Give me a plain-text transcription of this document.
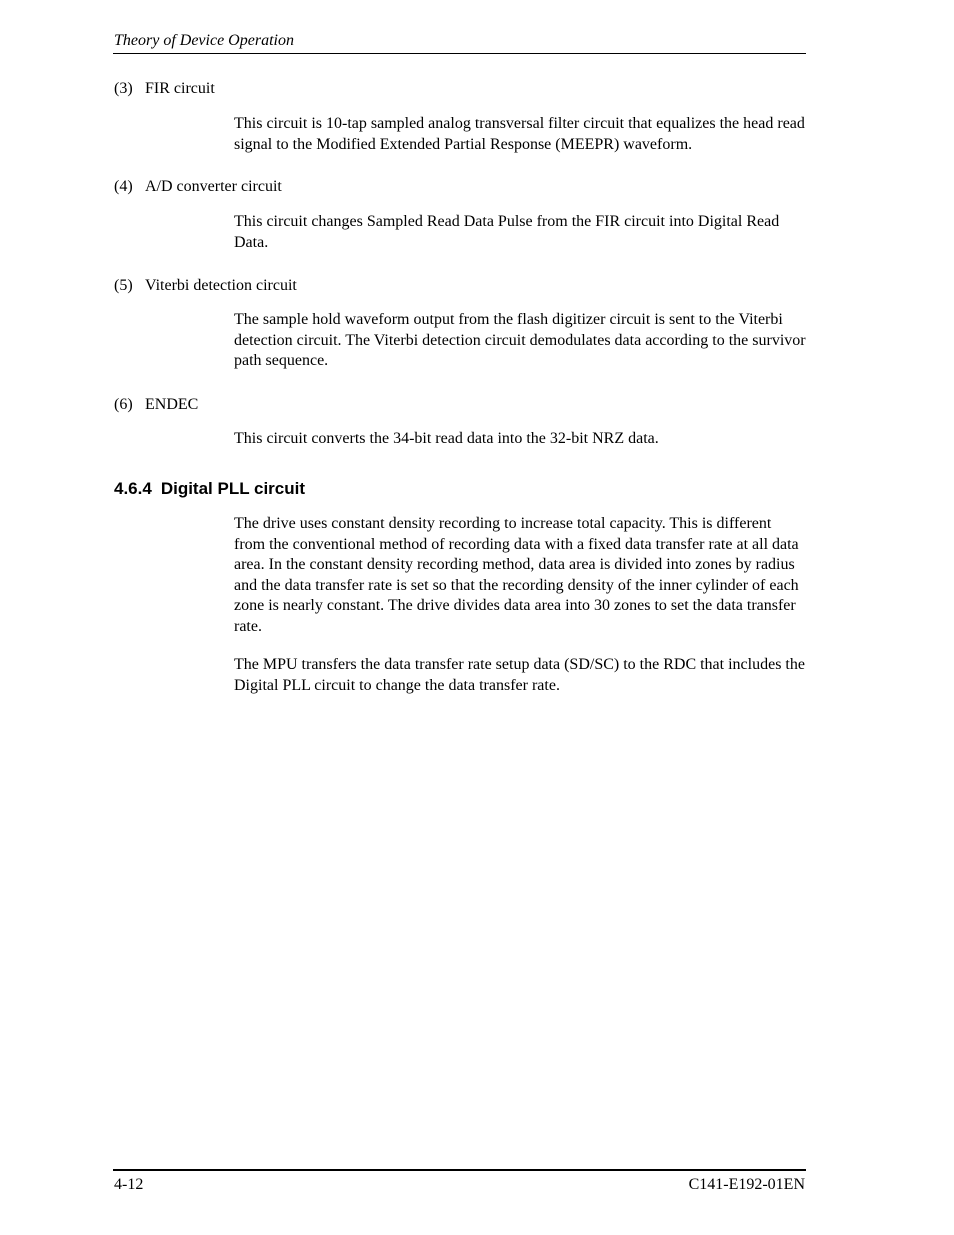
Theory of Device Operation
(3) FIR circuit
This circuit is 10-tap sampled analog transversal filter circuit that equalizes the head read signal to the Modified Extended Partial Response (MEEPR) waveform.
(4) A/D converter circuit
This circuit changes Sampled Read Data Pulse from the FIR circuit into Digital Read Data.
(5) Viterbi detection circuit
The sample hold waveform output from the flash digitizer circuit is sent to the Viterbi detection circuit. The Viterbi detection circuit demodulates data according to the survivor path sequence.
(6) ENDEC
This circuit converts the 34-bit read data into the 32-bit NRZ data.
4.6.4 Digital PLL circuit
The drive uses constant density recording to increase total capacity. This is different from the conventional method of recording data with a fixed data transfer rate at all data area. In the constant density recording method, data area is divided into zones by radius and the data transfer rate is set so that the recording density of the inner cylinder of each zone is nearly constant. The drive divides data area into 30 zones to set the data transfer rate.
The MPU transfers the data transfer rate setup data (SD/SC) to the RDC that includes the Digital PLL circuit to change the data transfer rate.
4-12	C141-E192-01EN
